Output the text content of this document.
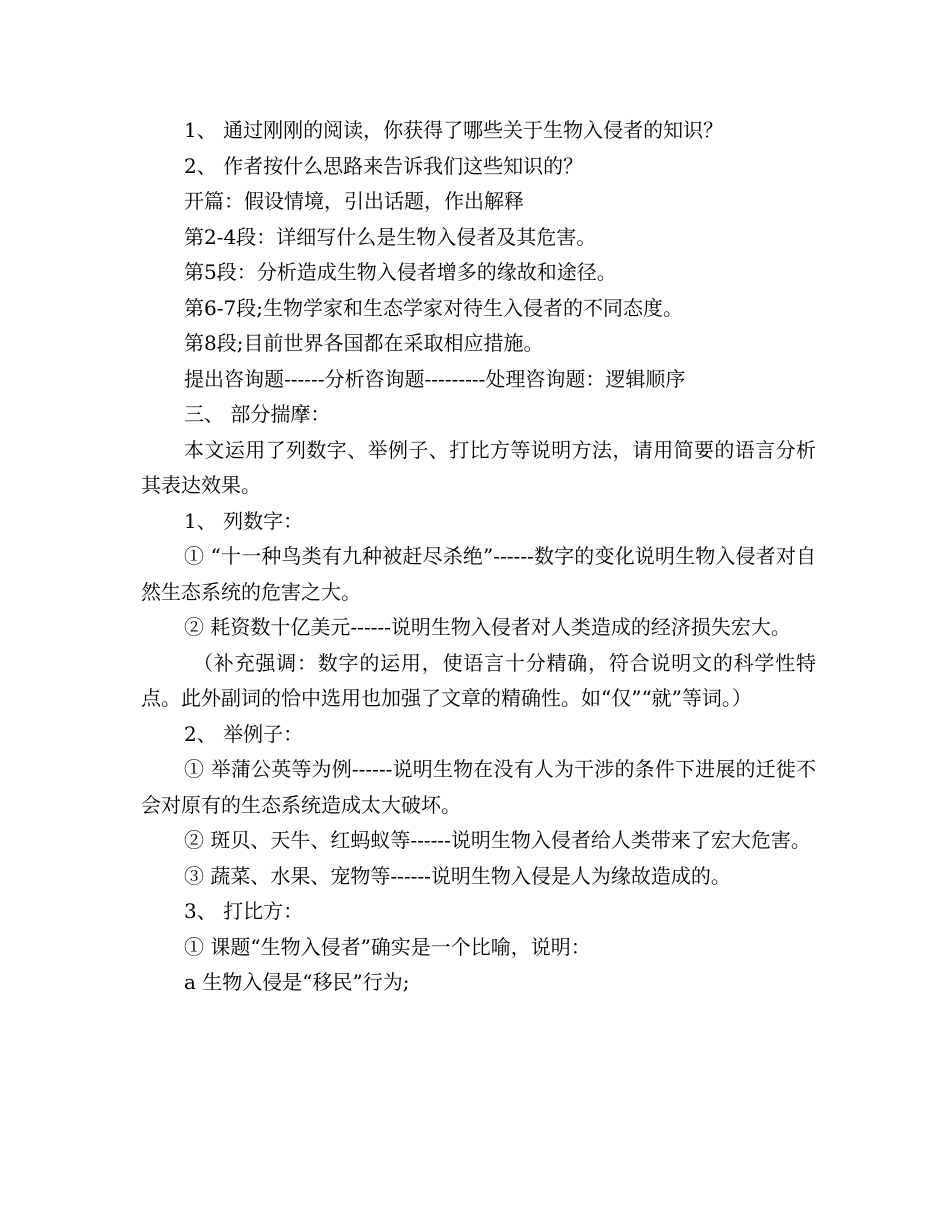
1、 通过刚刚的阅读，你获得了哪些关于生物入侵者的知识？

2、 作者按什么思路来告诉我们这些知识的？

开篇：假设情境，引出话题，作出解释

第2-4段：详细写什么是生物入侵者及其危害。

第5段：分析造成生物入侵者增多的缘故和途径。

第6-7段;生物学家和生态学家对待生入侵者的不同态度。

第8段;目前世界各国都在采取相应措施。

提出咨询题------分析咨询题---------处理咨询题：逻辑顺序

三、 部分揣摩：

本文运用了列数字、举例子、打比方等说明方法，请用简要的语言分析其表达效果。

1、 列数字：

① “十一种鸟类有九种被赶尽杀绝”------数字的变化说明生物入侵者对自然生态系统的危害之大。

② 耗资数十亿美元------说明生物入侵者对人类造成的经济损失宏大。

（补充强调：数字的运用，使语言十分精确，符合说明文的科学性特点。此外副词的恰中选用也加强了文章的精确性。如“仅”“就”等词。）

2、 举例子：

① 举蒲公英等为例------说明生物在没有人为干涉的条件下进展的迁徙不会对原有的生态系统造成太大破坏。

② 斑贝、天牛、红蚂蚁等------说明生物入侵者给人类带来了宏大危害。

③ 蔬菜、水果、宠物等------说明生物入侵是人为缘故造成的。

3、 打比方：

① 课题“生物入侵者”确实是一个比喻，说明：

a 生物入侵是“移民”行为;
